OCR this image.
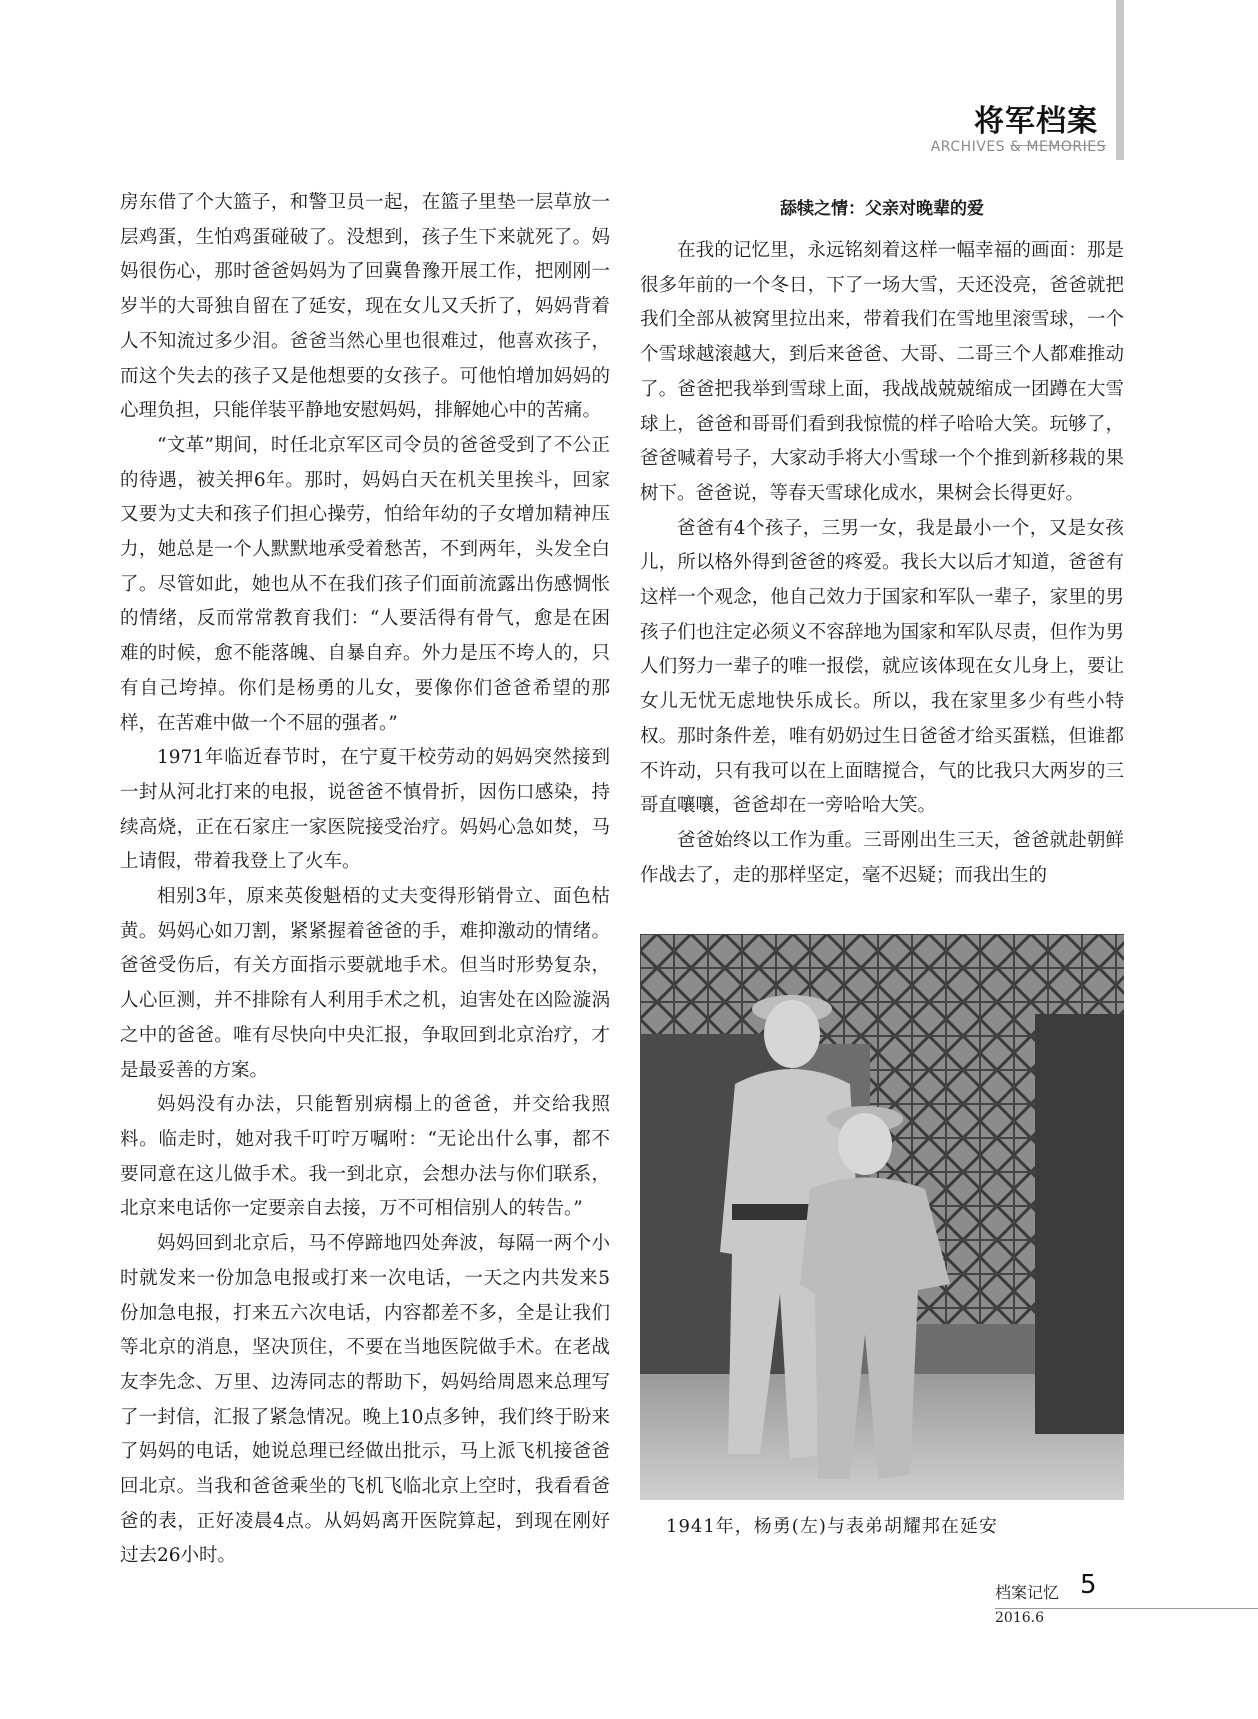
将军档案
ARCHIVES & MEMORIES

房东借了个大篮子，和警卫员一起，在篮子里垫一层草放一层鸡蛋，生怕鸡蛋碰破了。没想到，孩子生下来就死了。妈妈很伤心，那时爸爸妈妈为了回冀鲁豫开展工作，把刚刚一岁半的大哥独自留在了延安，现在女儿又夭折了，妈妈背着人不知流过多少泪。爸爸当然心里也很难过，他喜欢孩子，而这个失去的孩子又是他想要的女孩子。可他怕增加妈妈的心理负担，只能佯装平静地安慰妈妈，排解她心中的苦痛。

“文革”期间，时任北京军区司令员的爸爸受到了不公正的待遇，被关押6年。那时，妈妈白天在机关里挨斗，回家又要为丈夫和孩子们担心操劳，怕给年幼的子女增加精神压力，她总是一个人默默地承受着愁苦，不到两年，头发全白了。尽管如此，她也从不在我们孩子们面前流露出伤感惆怅的情绪，反而常常教育我们：“人要活得有骨气，愈是在困难的时候，愈不能落魄、自暴自弃。外力是压不垮人的，只有自己垮掉。你们是杨勇的儿女，要像你们爸爸希望的那样，在苦难中做一个不屈的强者。”

1971年临近春节时，在宁夏干校劳动的妈妈突然接到一封从河北打来的电报，说爸爸不慎骨折，因伤口感染，持续高烧，正在石家庄一家医院接受治疗。妈妈心急如焚，马上请假，带着我登上了火车。

相别3年，原来英俊魁梧的丈夫变得形销骨立、面色枯黄。妈妈心如刀割，紧紧握着爸爸的手，难抑激动的情绪。爸爸受伤后，有关方面指示要就地手术。但当时形势复杂，人心叵测，并不排除有人利用手术之机，迫害处在凶险漩涡之中的爸爸。唯有尽快向中央汇报，争取回到北京治疗，才是最妥善的方案。

妈妈没有办法，只能暂别病榻上的爸爸，并交给我照料。临走时，她对我千叮咛万嘱咐：“无论出什么事，都不要同意在这儿做手术。我一到北京，会想办法与你们联系，北京来电话你一定要亲自去接，万不可相信别人的转告。”

妈妈回到北京后，马不停蹄地四处奔波，每隔一两个小时就发来一份加急电报或打来一次电话，一天之内共发来5份加急电报，打来五六次电话，内容都差不多，全是让我们等北京的消息，坚决顶住，不要在当地医院做手术。在老战友李先念、万里、边涛同志的帮助下，妈妈给周恩来总理写了一封信，汇报了紧急情况。晚上10点多钟，我们终于盼来了妈妈的电话，她说总理已经做出批示，马上派飞机接爸爸回北京。当我和爸爸乘坐的飞机飞临北京上空时，我看看爸爸的表，正好凌晨4点。从妈妈离开医院算起，到现在刚好过去26小时。

舔犊之情：父亲对晚辈的爱

在我的记忆里，永远铭刻着这样一幅幸福的画面：那是很多年前的一个冬日，下了一场大雪，天还没亮，爸爸就把我们全部从被窝里拉出来，带着我们在雪地里滚雪球，一个个雪球越滚越大，到后来爸爸、大哥、二哥三个人都难推动了。爸爸把我举到雪球上面，我战战兢兢缩成一团蹲在大雪球上，爸爸和哥哥们看到我惊慌的样子哈哈大笑。玩够了，爸爸喊着号子，大家动手将大小雪球一个个推到新移栽的果树下。爸爸说，等春天雪球化成水，果树会长得更好。

爸爸有4个孩子，三男一女，我是最小一个，又是女孩儿，所以格外得到爸爸的疼爱。我长大以后才知道，爸爸有这样一个观念，他自己效力于国家和军队一辈子，家里的男孩子们也注定必须义不容辞地为国家和军队尽责，但作为男人们努力一辈子的唯一报偿，就应该体现在女儿身上，要让女儿无忧无虑地快乐成长。所以，我在家里多少有些小特权。那时条件差，唯有奶奶过生日爸爸才给买蛋糕，但谁都不许动，只有我可以在上面瞎搅合，气的比我只大两岁的三哥直嚷嚷，爸爸却在一旁哈哈大笑。

爸爸始终以工作为重。三哥刚出生三天，爸爸就赴朝鲜作战去了，走的那样坚定，毫不迟疑；而我出生的

1941年，杨勇(左)与表弟胡耀邦在延安
档案记忆 5
2016.6
